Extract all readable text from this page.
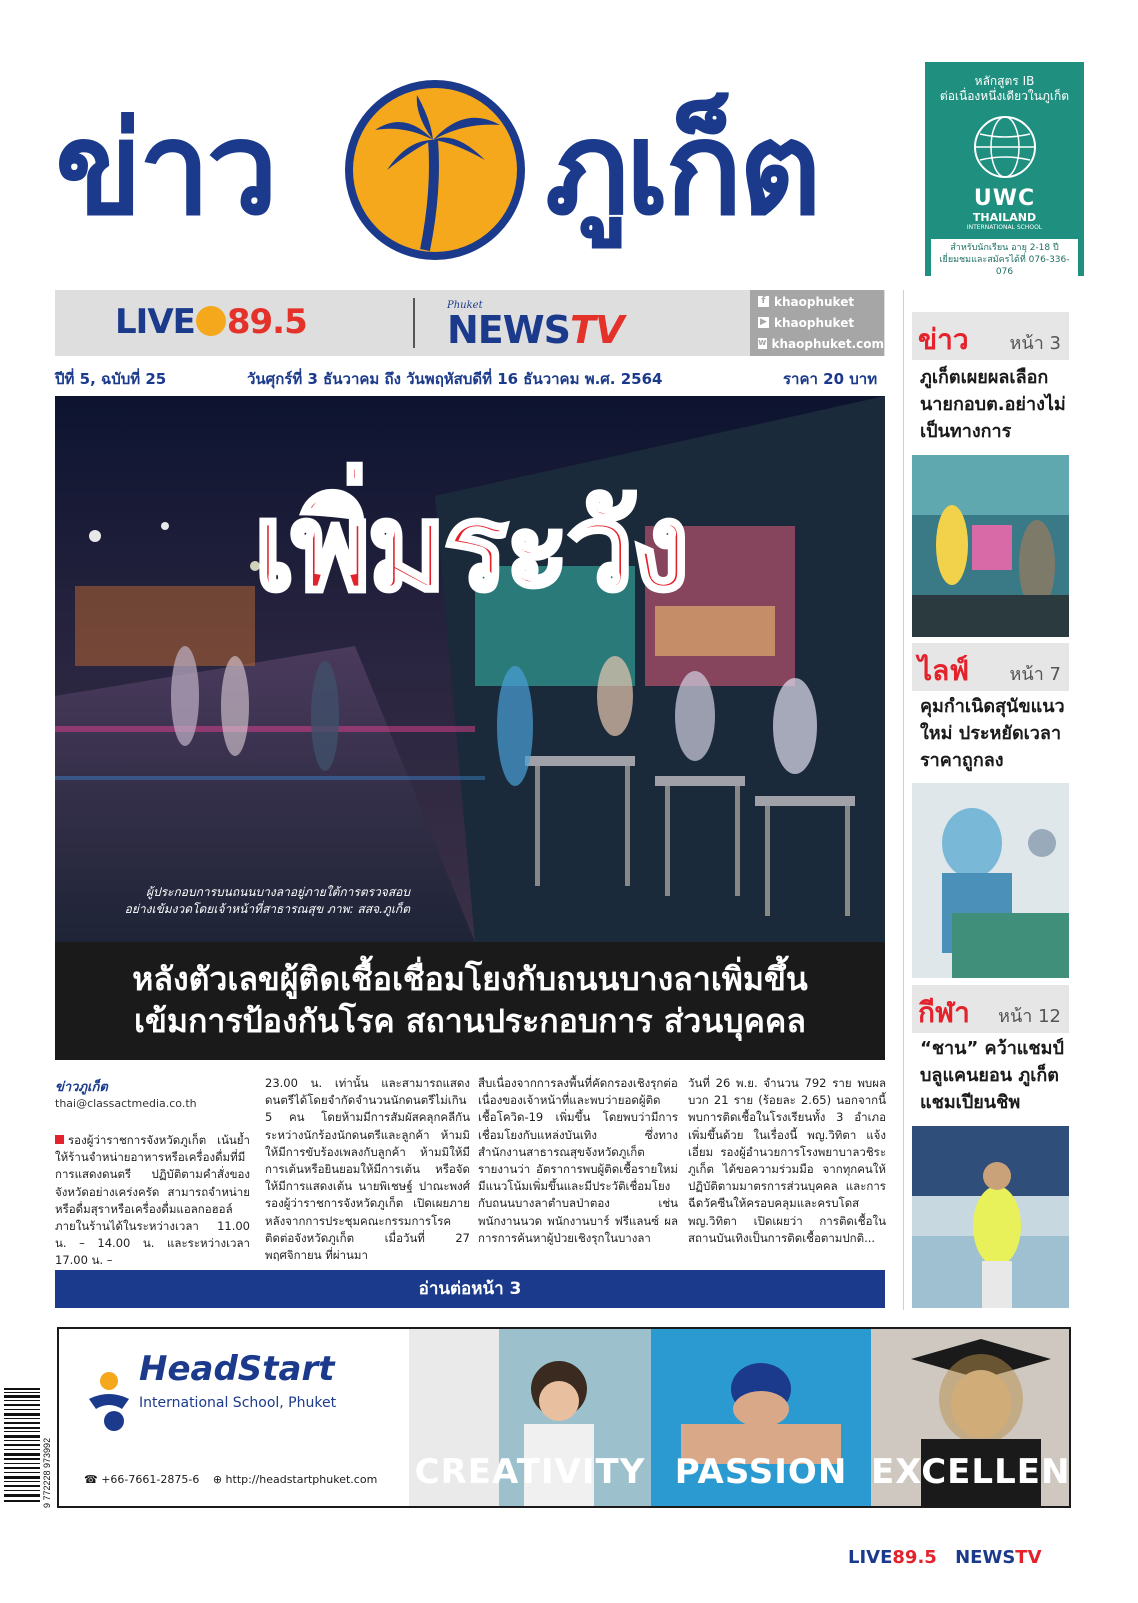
ข่าว ภูเก็ต
หลักสูตร IB
ต่อเนื่องหนึ่งเดียวในภูเก็ต
UWC
THAILAND
INTERNATIONAL SCHOOL
สำหรับนักเรียน อายุ 2-18 ปี
เยี่ยมชมและสมัครได้ที่ 076-336-076
UWCTHAILAND.AC.TH
LIVE 89.5	Phuket
NEWSTV
f khaophuket
▶ khaophuket
w khaophuket.com
ปีที่ 5, ฉบับที่ 25	วันศุกร์ที่ 3 ธันวาคม ถึง วันพฤหัสบดีที่ 16 ธันวาคม พ.ศ. 2564	ราคา 20 บาท
เพิ่มระวัง
ผู้ประกอบการบนถนนบางลาอยู่ภายใต้การตรวจสอบ
อย่างเข้มงวดโดยเจ้าหน้าที่สาธารณสุข ภาพ: สสจ.ภูเก็ต
หลังตัวเลขผู้ติดเชื้อเชื่อมโยงกับถนนบางลาเพิ่มขึ้น
เข้มการป้องกันโรค สถานประกอบการ ส่วนบุคคล
ข่าวภูเก็ต
thai@classactmedia.co.th
รองผู้ว่าราชการจังหวัดภูเก็ต เน้นย้ำให้ร้านจำหน่ายอาหารหรือเครื่องดื่มที่มีการแสดงดนตรี ปฏิบัติตามคำสั่งของจังหวัดอย่างเคร่งครัด สามารถจำหน่ายหรือดื่มสุราหรือเครื่องดื่มแอลกอฮอล์ภายในร้านได้ในระหว่างเวลา 11.00 น. – 14.00 น. และระหว่างเวลา 17.00 น. –
23.00 น. เท่านั้น และสามารถแสดงดนตรีได้โดยจำกัดจำนวนนักดนตรีไม่เกิน 5 คน โดยห้ามมีการสัมผัสคลุกคลีกันระหว่างนักร้องนักดนตรีและลูกค้า ห้ามมิให้มีการขับร้องเพลงกับลูกค้า ห้ามมิให้มีการเต้นหรือยินยอมให้มีการเต้น หรือจัดให้มีการแสดงเต้น นายพิเชษฐ์ ปาณะพงศ์ รองผู้ว่าราชการจังหวัดภูเก็ต เปิดเผยภายหลังจากการประชุมคณะกรรมการโรคติดต่อจังหวัดภูเก็ต เมื่อวันที่ 27 พฤศจิกายน ที่ผ่านมา
สืบเนื่องจากการลงพื้นที่คัดกรองเชิงรุกต่อเนื่องของเจ้าหน้าที่และพบว่ายอดผู้ติดเชื้อโควิด-19 เพิ่มขึ้น โดยพบว่ามีการเชื่อมโยงกับแหล่งบันเทิง ซึ่งทางสำนักงานสาธารณสุขจังหวัดภูเก็ต รายงานว่า อัตราการพบผู้ติดเชื้อรายใหม่มีแนวโน้มเพิ่มขึ้นและมีประวัติเชื่อมโยงกับถนนบางลาตำบลป่าตอง เช่น พนักงานนวด พนักงานบาร์ ฟรีแลนซ์ ผลการการค้นหาผู้ป่วยเชิงรุกในบางลา
วันที่ 26 พ.ย. จำนวน 792 ราย พบผลบวก 21 ราย (ร้อยละ 2.65) นอกจากนี้พบการติดเชื้อในโรงเรียนทั้ง 3 อำเภอเพิ่มขึ้นด้วย ในเรื่องนี้ พญ.วิทิตา แจ้งเอี่ยม รองผู้อำนวยการโรงพยาบาลวชิระภูเก็ต ได้ขอความร่วมมือ จากทุกคนให้ปฏิบัติตามมาตรการส่วนบุคคล และการฉีดวัคซีนให้ครอบคลุมและครบโดส พญ.วิทิตา เปิดเผยว่า การติดเชื้อในสถานบันเทิงเป็นการติดเชื้อตามปกติ...
อ่านต่อหน้า 3
ข่าว หน้า 3
ภูเก็ตเผยผลเลือกนายกอบต.อย่างไม่เป็นทางการ
ไลฟ์ หน้า 7
คุมกำเนิดสุนัขแนวใหม่ ประหยัดเวลา ราคาถูกลง
กีฬา หน้า 12
“ชาน” คว้าแชมป์บลูแคนยอน ภูเก็ตแชมเปียนชิพ
HeadStart
International School, Phuket
☎ +66-7661-2875-6 ⊕ http://headstartphuket.com CREATIVITY PASSION EXCELLENCE
9 772228 973992
LIVE89.5 NEWSTV
